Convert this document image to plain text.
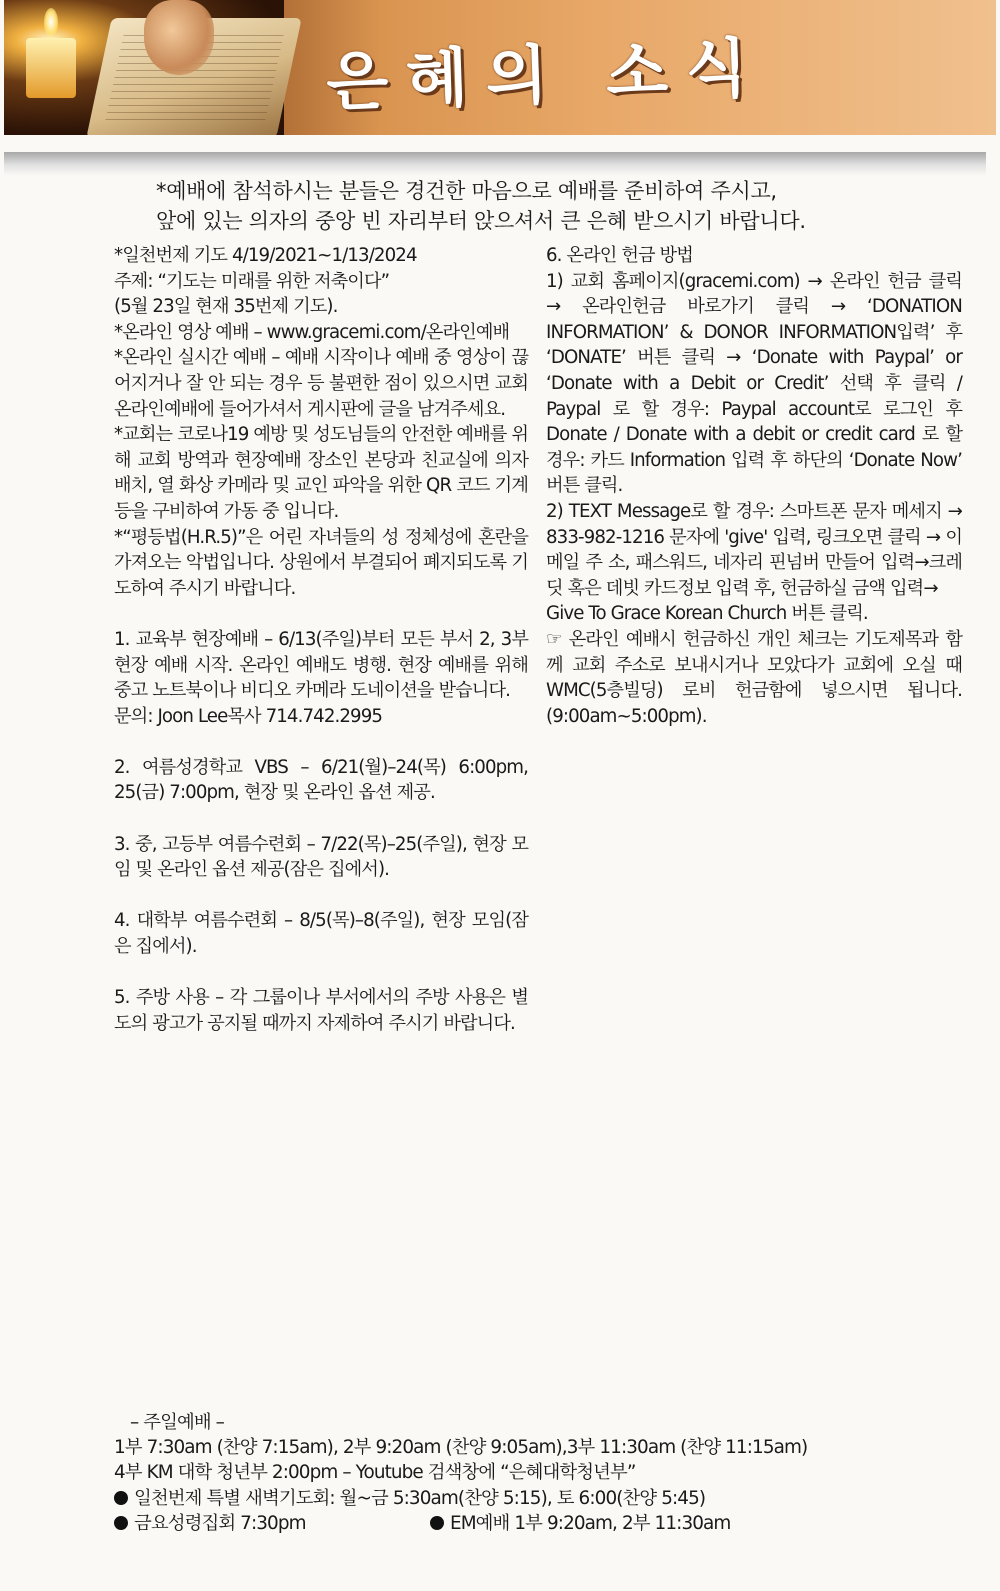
은혜의 소식
*예배에 참석하시는 분들은 경건한 마음으로 예배를 준비하여 주시고,
앞에 있는 의자의 중앙 빈 자리부터 앉으셔서 큰 은혜 받으시기 바랍니다.

*일천번제 기도 4/19/2021~1/13/2024

주제: “기도는 미래를 위한 저축이다”

(5월 23일 현재 35번제 기도).

*온라인 영상 예배 – www.gracemi.com/온라인예배

*온라인 실시간 예배 – 예배 시작이나 예배 중 영상이 끊어지거나 잘 안 되는 경우 등 불편한 점이 있으시면 교회 온라인예배에 들어가셔서 게시판에 글을 남겨주세요.

*교회는 코로나19 예방 및 성도님들의 안전한 예배를 위해 교회 방역과 현장예배 장소인 본당과 친교실에 의자 배치, 열 화상 카메라 및 교인 파악을 위한 QR 코드 기계 등을 구비하여 가동 중 입니다.

*“평등법(H.R.5)”은 어린 자녀들의 성 정체성에 혼란을 가져오는 악법입니다. 상원에서 부결되어 폐지되도록 기도하여 주시기 바랍니다.

1. 교육부 현장예배 – 6/13(주일)부터 모든 부서 2, 3부 현장 예배 시작. 온라인 예배도 병행. 현장 예배를 위해 중고 노트북이나 비디오 카메라 도네이션을 받습니다.

문의: Joon Lee목사 714.742.2995

2. 여름성경학교 VBS – 6/21(월)–24(목) 6:00pm, 25(금) 7:00pm, 현장 및 온라인 옵션 제공.

3. 중, 고등부 여름수련회 – 7/22(목)–25(주일), 현장 모임 및 온라인 옵션 제공(잠은 집에서).

4. 대학부 여름수련회 – 8/5(목)–8(주일), 현장 모임(잠은 집에서).

5. 주방 사용 – 각 그룹이나 부서에서의 주방 사용은 별도의 광고가 공지될 때까지 자제하여 주시기 바랍니다.

6. 온라인 헌금 방법

1) 교회 홈페이지(gracemi.com) → 온라인 헌금 클릭 → 온라인헌금 바로가기 클릭 → ‘DONATION INFORMATION’ & DONOR INFORMATION입력’ 후 ‘DONATE’ 버튼 클릭 → ‘Donate with Paypal’ or ‘Donate with a Debit or Credit’ 선택 후 클릭 / Paypal 로 할 경우: Paypal account로 로그인 후 Donate / Donate with a debit or credit card 로 할 경우: 카드 Information 입력 후 하단의 ‘Donate Now’ 버튼 클릭.

2) TEXT Message로 할 경우: 스마트폰 문자 메세지 → 833-982-1216 문자에 'give' 입력, 링크오면 클릭 → 이메일 주 소, 패스워드, 네자리 핀넘버 만들어 입력→크레 딧 혹은 데빗 카드정보 입력 후, 헌금하실 금액 입력→

Give To Grace Korean Church 버튼 클릭.

☞ 온라인 예배시 헌금하신 개인 체크는 기도제목과 함께 교회 주소로 보내시거나 모았다가 교회에 오실 때 WMC(5층빌딩) 로비 헌금함에 넣으시면 됩니다. (9:00am~5:00pm).

– 주일예배 –

1부 7:30am (찬양 7:15am), 2부 9:20am (찬양 9:05am),3부 11:30am (찬양 11:15am)

4부 KM 대학 청년부 2:00pm – Youtube 검색창에 “은혜대학청년부”

일천번제 특별 새벽기도회: 월~금 5:30am(찬양 5:15), 토 6:00(찬양 5:45)

금요성령집회 7:30pm	EM예배 1부 9:20am, 2부 11:30am
